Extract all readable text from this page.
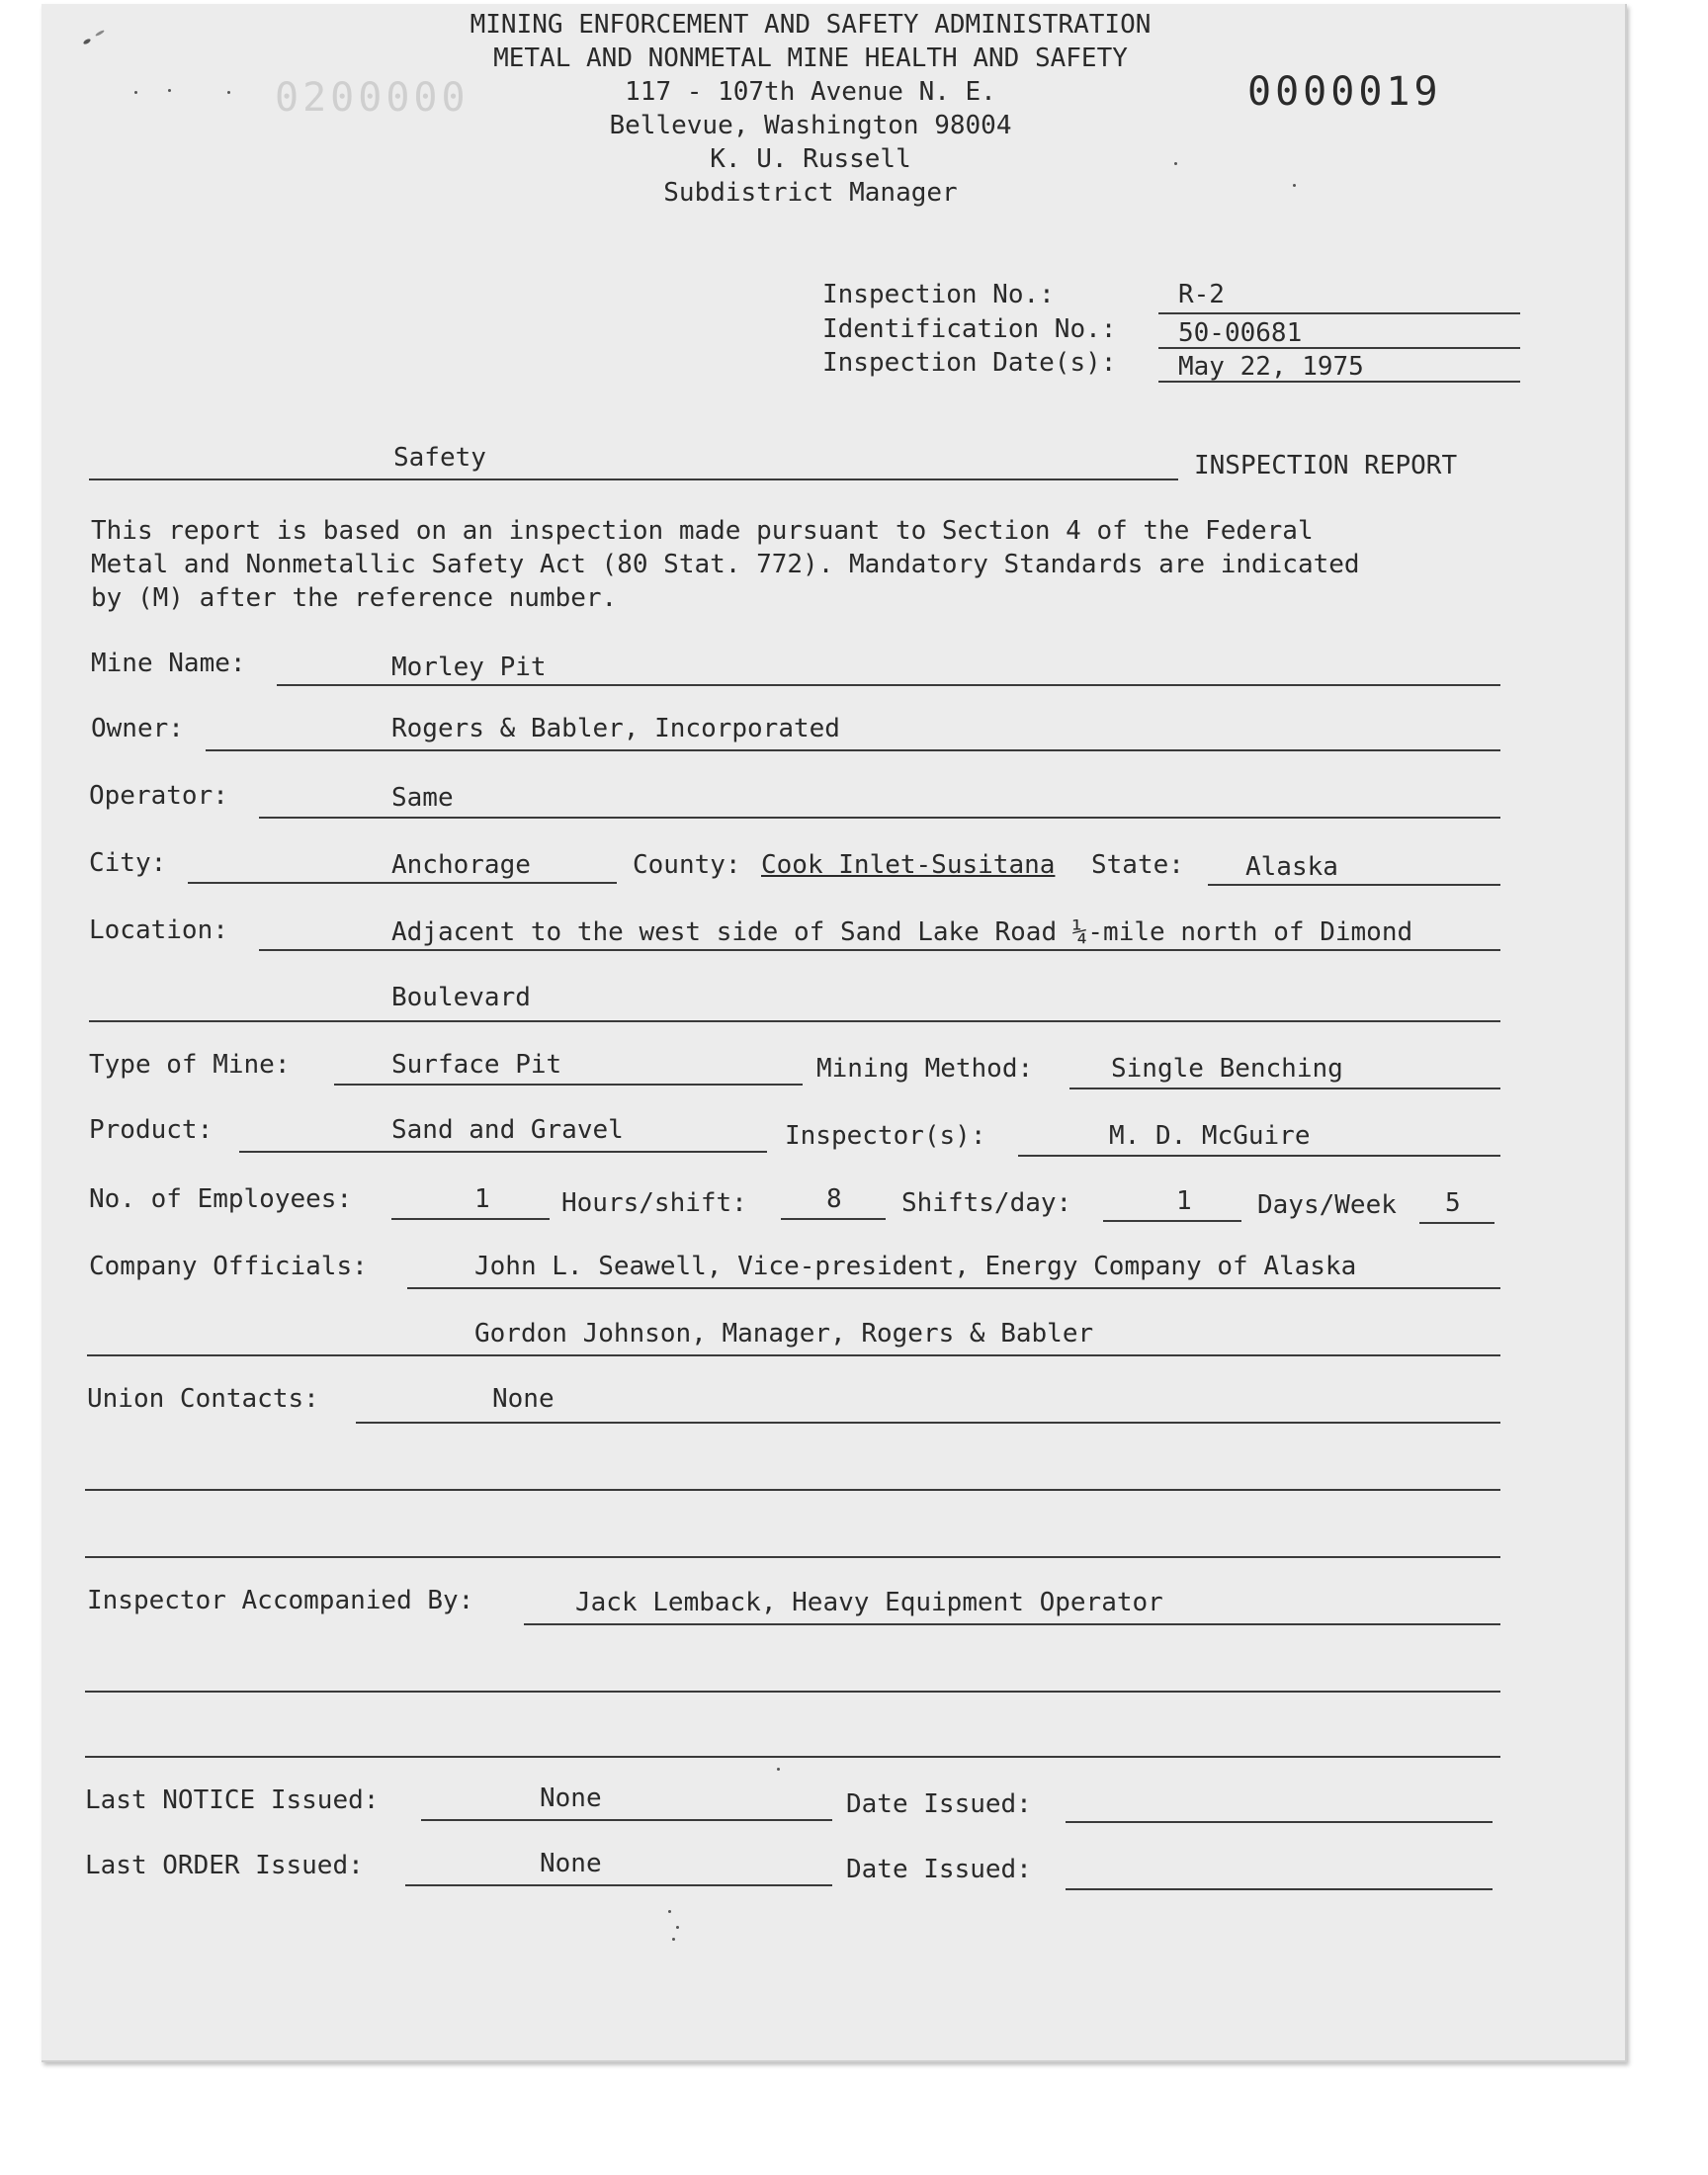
MINING ENFORCEMENT AND SAFETY ADMINISTRATION
METAL AND NONMETAL MINE HEALTH AND SAFETY
117 - 107th Avenue N. E.
Bellevue, Washington 98004
K. U. Russell
Subdistrict Manager
0200000	0000019
Inspection No.:	R-2
Identification No.: 50-00681
Inspection Date(s): May 22, 1975
Safety	INSPECTION REPORT
This report is based on an inspection made pursuant to Section 4 of the Federal
Metal and Nonmetallic Safety Act (80 Stat. 772). Mandatory Standards are indicated
by (M) after the reference number.
Mine Name:	Morley Pit
Owner:	Rogers & Babler, Incorporated
Operator:	Same
City:	Anchorage	County: Cook Inlet-Susitana State: Alaska
Location:	Adjacent to the west side of Sand Lake Road ¼-mile north of Dimond
Boulevard
Type of Mine:	Surface Pit	Mining Method:	Single Benching
Product:	Sand and Gravel	Inspector(s):	M. D. McGuire
No. of Employees:	1	Hours/shift:	8 Shifts/day:	1	Days/Week 5
Company Officials:	John L. Seawell, Vice-president, Energy Company of Alaska
Gordon Johnson, Manager, Rogers & Babler
Union Contacts:	None
Inspector Accompanied By:	Jack Lemback, Heavy Equipment Operator
Last NOTICE Issued:	None	Date Issued:
Last ORDER Issued:	None	Date Issued:
